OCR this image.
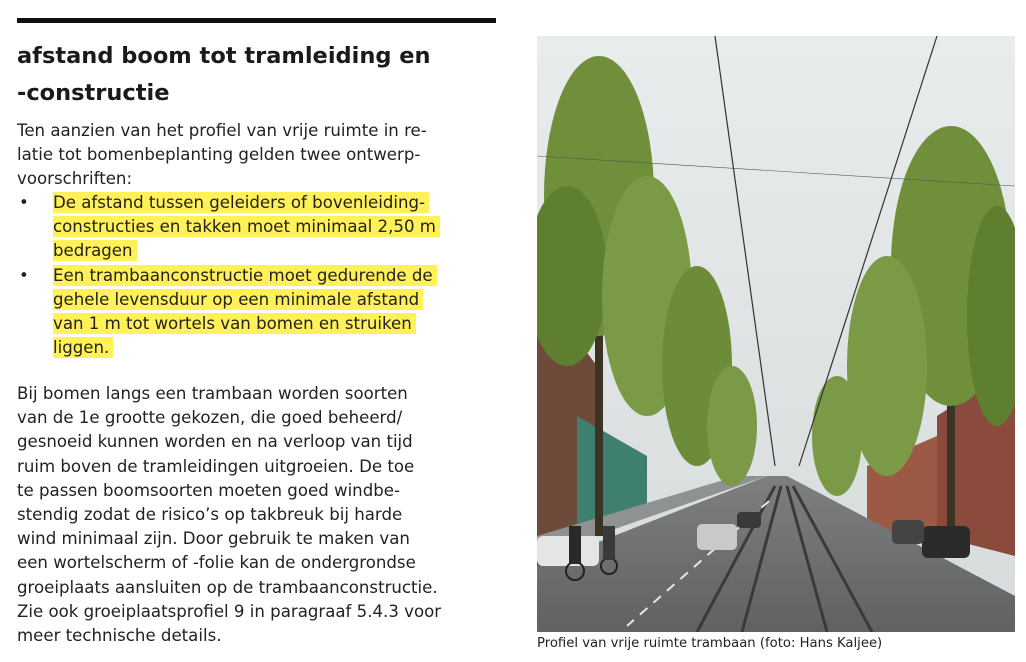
afstand boom tot tramleiding en
-constructie

Ten aanzien van het profiel van vrije ruimte in re-
latie tot bomenbeplanting gelden twee ontwerp-
voorschriften:

• De afstand tussen geleiders of bovenleiding-
constructies en takken moet minimaal 2,50 m
bedragen
• Een trambaanconstructie moet gedurende de
gehele levensduur op een minimale afstand
van 1 m tot wortels van bomen en struiken
liggen.

Bij bomen langs een trambaan worden soorten
van de 1e grootte gekozen, die goed beheerd/
gesnoeid kunnen worden en na verloop van tijd
ruim boven de tramleidingen uitgroeien. De toe
te passen boomsoorten moeten goed windbe-
stendig zodat de risico’s op takbreuk bij harde
wind minimaal zijn. Door gebruik te maken van
een wortelscherm of -folie kan de ondergrondse
groeiplaats aansluiten op de trambaanconstructie.
Zie ook groeiplaatsprofiel 9 in paragraaf 5.4.3 voor
meer technische details.	Profiel van vrije ruimte trambaan (foto: Hans Kaljee)
